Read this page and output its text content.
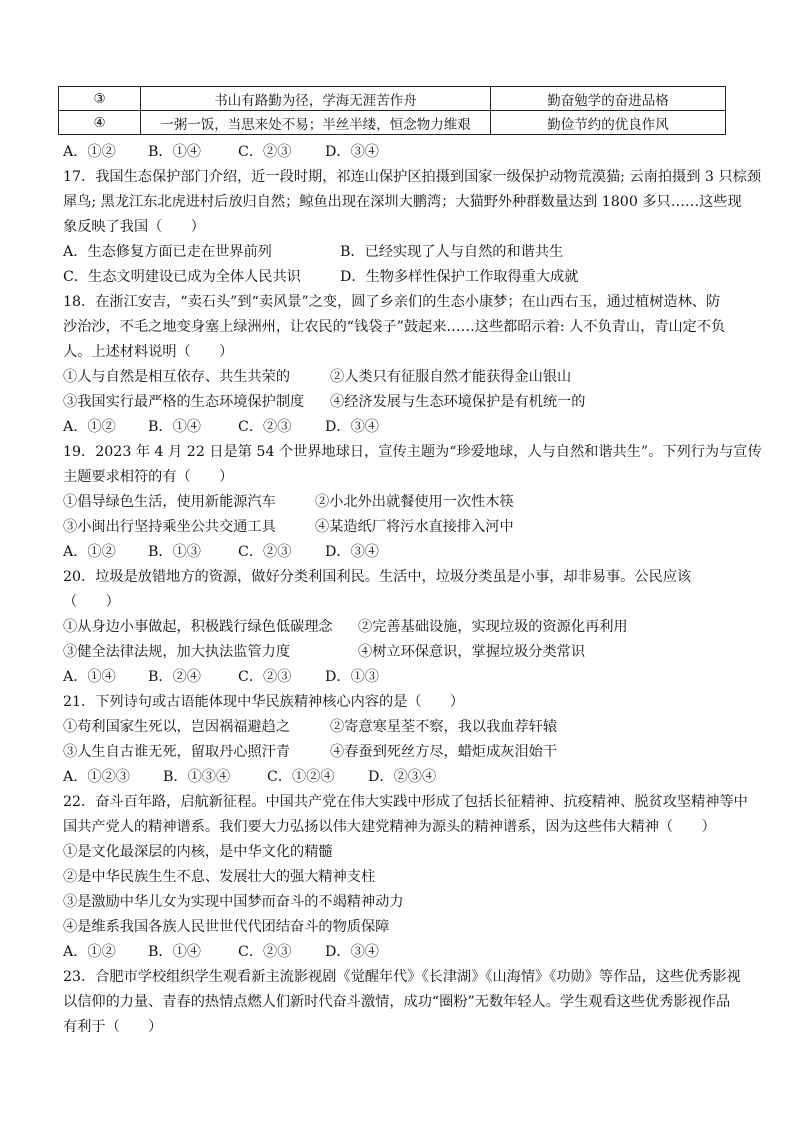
③	书山有路勤为径，学海无涯苦作舟	勤奋勉学的奋进品格
④	一粥一饭，当思来处不易；半丝半缕，恒念物力维艰	勤俭节约的优良作风
A．①② B．①④	C．②③ D．③④
17．我国生态保护部门介绍，近一段时期，祁连山保护区拍摄到国家一级保护动物荒漠猫; 云南拍摄到 3 只棕颈
犀鸟; 黑龙江东北虎进村后放归自然；鲸鱼出现在深圳大鹏湾；大猫野外种群数量达到 1800 多只……这些现
象反映了我国（　　）
A．生态修复方面已走在世界前列	B．已经实现了人与自然的和谐共生
C．生态文明建设已成为全体人民共识	D．生物多样性保护工作取得重大成就
18．在浙江安吉，“卖石头”到“卖风景”之变，圆了乡亲们的生态小康梦；在山西右玉，通过植树造林、防
沙治沙，不毛之地变身塞上绿洲州，让农民的“钱袋子”鼓起来……这些都昭示着: 人不负青山，青山定不负
人。上述材料说明（　　）
①人与自然是相互依存、共生共荣的	②人类只有征服自然才能获得金山银山
③我国实行最严格的生态环境保护制度 ④经济发展与生态环境保护是有机统一的
A．①② B．①④	C．②③ D．③④
19．2023 年 4 月 22 日是第 54 个世界地球日，宣传主题为“珍爱地球，人与自然和谐共生”。下列行为与宣传
主题要求相符的有（　　）
①倡导绿色生活，使用新能源汽车	②小北外出就餐使用一次性木筷
③小闽出行坚持乘坐公共交通工具	④某造纸厂将污水直接排入河中
A．①② B．①③	C．②③ D．③④
20．垃圾是放错地方的资源，做好分类利国利民。生活中，垃圾分类虽是小事，却非易事。公民应该
（　　）
①从身边小事做起，积极践行绿色低碳理念 ②完善基础设施，实现垃圾的资源化再利用
③健全法律法规，加大执法监管力度	④树立环保意识，掌握垃圾分类常识
A．①④ B．②④	C．②③ D．①③
21．下列诗句或古语能体现中华民族精神核心内容的是（　　）
①苟利国家生死以，岂因祸福避趋之	②寄意寒星荃不察，我以我血荐轩辕
③人生自古谁无死，留取丹心照汗青	④春蚕到死丝方尽，蜡炬成灰泪始干
A．①②③ B．①③④	C．①②④ D．②③④
22．奋斗百年路，启航新征程。中国共产党在伟大实践中形成了包括长征精神、抗疫精神、脱贫攻坚精神等中
国共产党人的精神谱系。我们要大力弘扬以伟大建党精神为源头的精神谱系，因为这些伟大精神（　　）
①是文化最深层的内核，是中华文化的精髓
②是中华民族生生不息、发展壮大的强大精神支柱
③是激励中华儿女为实现中国梦而奋斗的不竭精神动力
④是维系我国各族人民世世代代团结奋斗的物质保障
A．①② B．①④	C．②③ D．③④
23．合肥市学校组织学生观看新主流影视剧《觉醒年代》《长津湖》《山海情》《功勋》等作品，这些优秀影视
以信仰的力量、青春的热情点燃人们新时代奋斗激情，成功“圈粉”无数年轻人。学生观看这些优秀影视作品
有利于（　　）
